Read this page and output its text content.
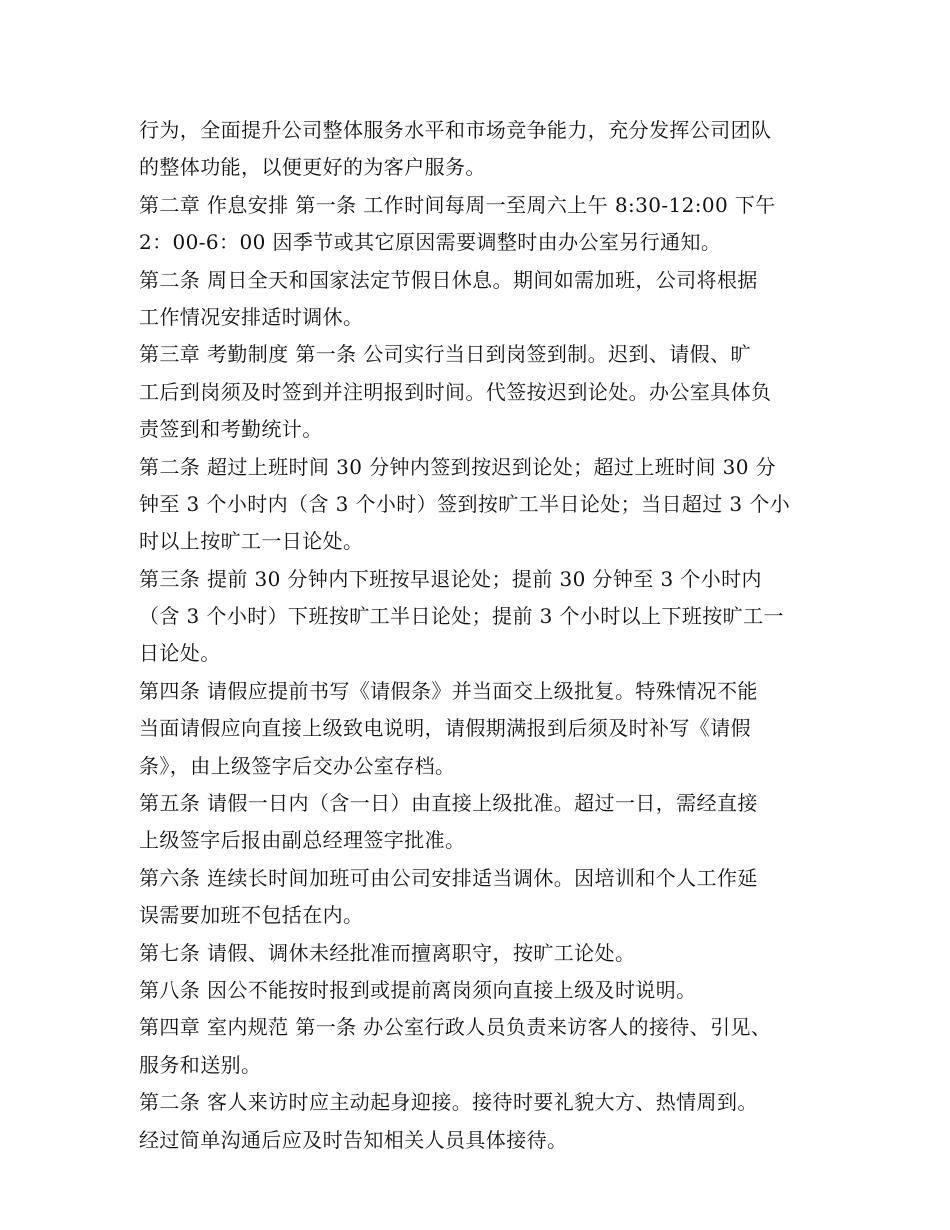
行为，全面提升公司整体服务水平和市场竞争能力，充分发挥公司团队
的整体功能，以便更好的为客户服务。
第二章 作息安排 第一条 工作时间每周一至周六上午 8:30-12:00 下午
2：00-6：00 因季节或其它原因需要调整时由办公室另行通知。
第二条 周日全天和国家法定节假日休息。期间如需加班，公司将根据
工作情况安排适时调休。
第三章 考勤制度 第一条 公司实行当日到岗签到制。迟到、请假、旷
工后到岗须及时签到并注明报到时间。代签按迟到论处。办公室具体负
责签到和考勤统计。
第二条 超过上班时间 30 分钟内签到按迟到论处；超过上班时间 30 分
钟至 3 个小时内（含 3 个小时）签到按旷工半日论处；当日超过 3 个小
时以上按旷工一日论处。
第三条 提前 30 分钟内下班按早退论处；提前 30 分钟至 3 个小时内
（含 3 个小时）下班按旷工半日论处；提前 3 个小时以上下班按旷工一
日论处。
第四条 请假应提前书写《请假条》并当面交上级批复。特殊情况不能
当面请假应向直接上级致电说明，请假期满报到后须及时补写《请假
条》，由上级签字后交办公室存档。
第五条 请假一日内（含一日）由直接上级批准。超过一日，需经直接
上级签字后报由副总经理签字批准。
第六条 连续长时间加班可由公司安排适当调休。因培训和个人工作延
误需要加班不包括在内。
第七条 请假、调休未经批准而擅离职守，按旷工论处。
第八条 因公不能按时报到或提前离岗须向直接上级及时说明。
第四章 室内规范 第一条 办公室行政人员负责来访客人的接待、引见、
服务和送别。
第二条 客人来访时应主动起身迎接。接待时要礼貌大方、热情周到。
经过简单沟通后应及时告知相关人员具体接待。
